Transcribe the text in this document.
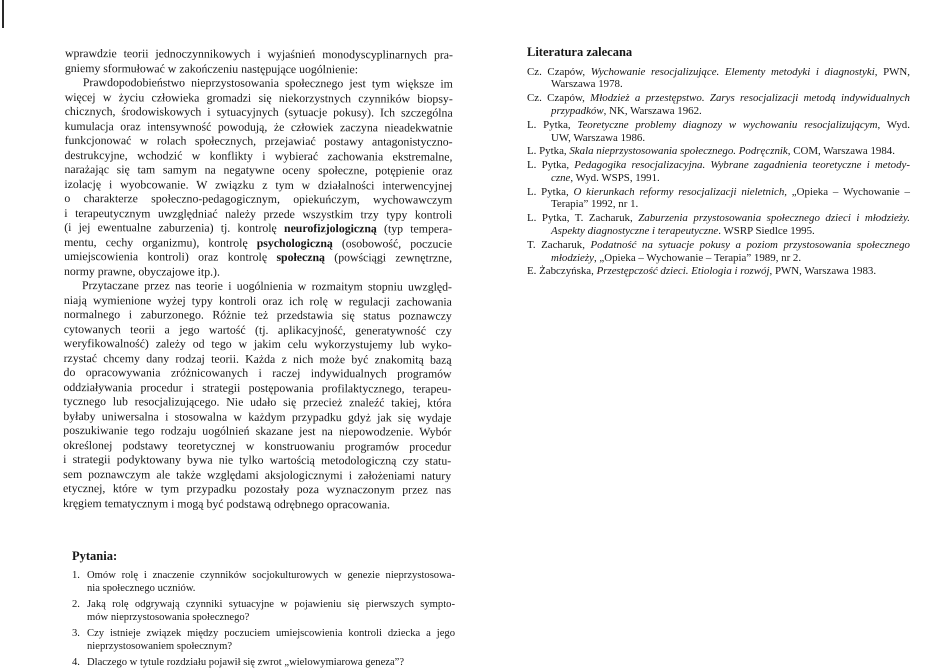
wprawdzie teorii jednoczynnikowych i wyjaśnień monodyscyplinarnych pra-
gniemy sformułować w zakończeniu następujące uogólnienie:
Prawdopodobieństwo nieprzystosowania społecznego jest tym większe im
więcej w życiu człowieka gromadzi się niekorzystnych czynników biopsy-
chicznych, środowiskowych i sytuacyjnych (sytuacje pokusy). Ich szczególna
kumulacja oraz intensywność powodują, że człowiek zaczyna nieadekwatnie
funkcjonować w rolach społecznych, przejawiać postawy antagonistyczno-
destrukcyjne, wchodzić w konflikty i wybierać zachowania ekstremalne,
narażając się tam samym na negatywne oceny społeczne, potępienie oraz
izolację i wyobcowanie. W związku z tym w działalności interwencyjnej
o charakterze społeczno-pedagogicznym, opiekuńczym, wychowawczym
i terapeutycznym uwzględniać należy przede wszystkim trzy typy kontroli
(i jej ewentualne zaburzenia) tj. kontrolę neurofizjologiczną (typ tempera-
mentu, cechy organizmu), kontrolę psychologiczną (osobowość, poczucie
umiejscowienia kontroli) oraz kontrolę społeczną (powściągi zewnętrzne,
normy prawne, obyczajowe itp.).
Przytaczane przez nas teorie i uogólnienia w rozmaitym stopniu uwzględ-
niają wymienione wyżej typy kontroli oraz ich rolę w regulacji zachowania
normalnego i zaburzonego. Różnie też przedstawia się status poznawczy
cytowanych teorii a jego wartość (tj. aplikacyjność, generatywność czy
weryfikowalność) zależy od tego w jakim celu wykorzystujemy lub wyko-
rzystać chcemy dany rodzaj teorii. Każda z nich może być znakomitą bazą
do opracowywania zróżnicowanych i raczej indywidualnych programów
oddziaływania procedur i strategii postępowania profilaktycznego, terapeu-
tycznego lub resocjalizującego. Nie udało się przecież znaleźć takiej, która
byłaby uniwersalna i stosowalna w każdym przypadku gdyż jak się wydaje
poszukiwanie tego rodzaju uogólnień skazane jest na niepowodzenie. Wybór
określonej podstawy teoretycznej w konstruowaniu programów procedur
i strategii podyktowany bywa nie tylko wartością metodologiczną czy statu-
sem poznawczym ale także względami aksjologicznymi i założeniami natury
etycznej, które w tym przypadku pozostały poza wyznaczonym przez nas
kręgiem tematycznym i mogą być podstawą odrębnego opracowania.
Pytania:
1. Omów rolę i znaczenie czynników socjokulturowych w genezie nieprzystosowa-
nia społecznego uczniów.
2. Jaką rolę odgrywają czynniki sytuacyjne w pojawieniu się pierwszych sympto-
mów nieprzystosowania społecznego?
3. Czy istnieje związek między poczuciem umiejscowienia kontroli dziecka a jego
nieprzystosowaniem społecznym?
4. Dlaczego w tytule rozdziału pojawił się zwrot „wielowymiarowa geneza”?
Literatura zalecana
Cz. Czapów, Wychowanie resocjalizujące. Elementy metodyki i diagnostyki, PWN,
Warszawa 1978.
Cz. Czapów, Młodzież a przestępstwo. Zarys resocjalizacji metodą indywidualnych
przypadków, NK, Warszawa 1962.
L. Pytka, Teoretyczne problemy diagnozy w wychowaniu resocjalizującym, Wyd.
UW, Warszawa 1986.
L. Pytka, Skala nieprzystosowania społecznego. Podręcznik, COM, Warszawa 1984.
L. Pytka, Pedagogika resocjalizacyjna. Wybrane zagadnienia teoretyczne i metody-
czne, Wyd. WSPS, 1991.
L. Pytka, O kierunkach reformy resocjalizacji nieletnich, „Opieka – Wychowanie –
Terapia” 1992, nr 1.
L. Pytka, T. Zacharuk, Zaburzenia przystosowania społecznego dzieci i młodzieży.
Aspekty diagnostyczne i terapeutyczne. WSRP Siedlce 1995.
T. Zacharuk, Podatność na sytuacje pokusy a poziom przystosowania społecznego
młodzieży, „Opieka – Wychowanie – Terapia” 1989, nr 2.
E. Żabczyńska, Przestępczość dzieci. Etiologia i rozwój, PWN, Warszawa 1983.
